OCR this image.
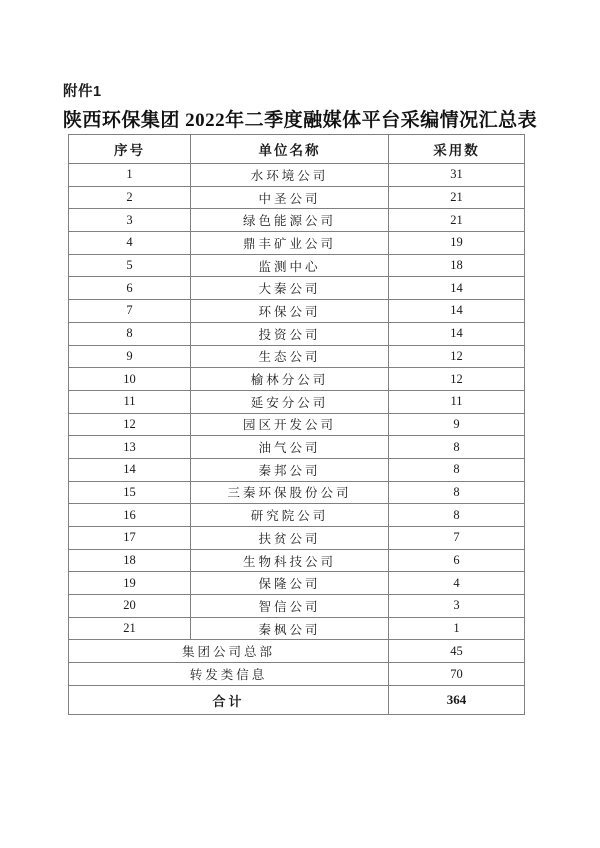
附件1
陕西环保集团 2022年二季度融媒体平台采编情况汇总表
序号	单位名称	采用数
1	水环境公司	31
2	中圣公司	21
3	绿色能源公司	21
4	鼎丰矿业公司	19
5	监测中心	18
6	大秦公司	14
7	环保公司	14
8	投资公司	14
9	生态公司	12
10	榆林分公司	12
11	延安分公司	11
12	园区开发公司	9
13	油气公司	8
14	秦邦公司	8
15	三秦环保股份公司	8
16	研究院公司	8
17	扶贫公司	7
18	生物科技公司	6
19	保隆公司	4
20	智信公司	3
21	秦枫公司	1
集团公司总部		45
转发类信息		70
合计		364
